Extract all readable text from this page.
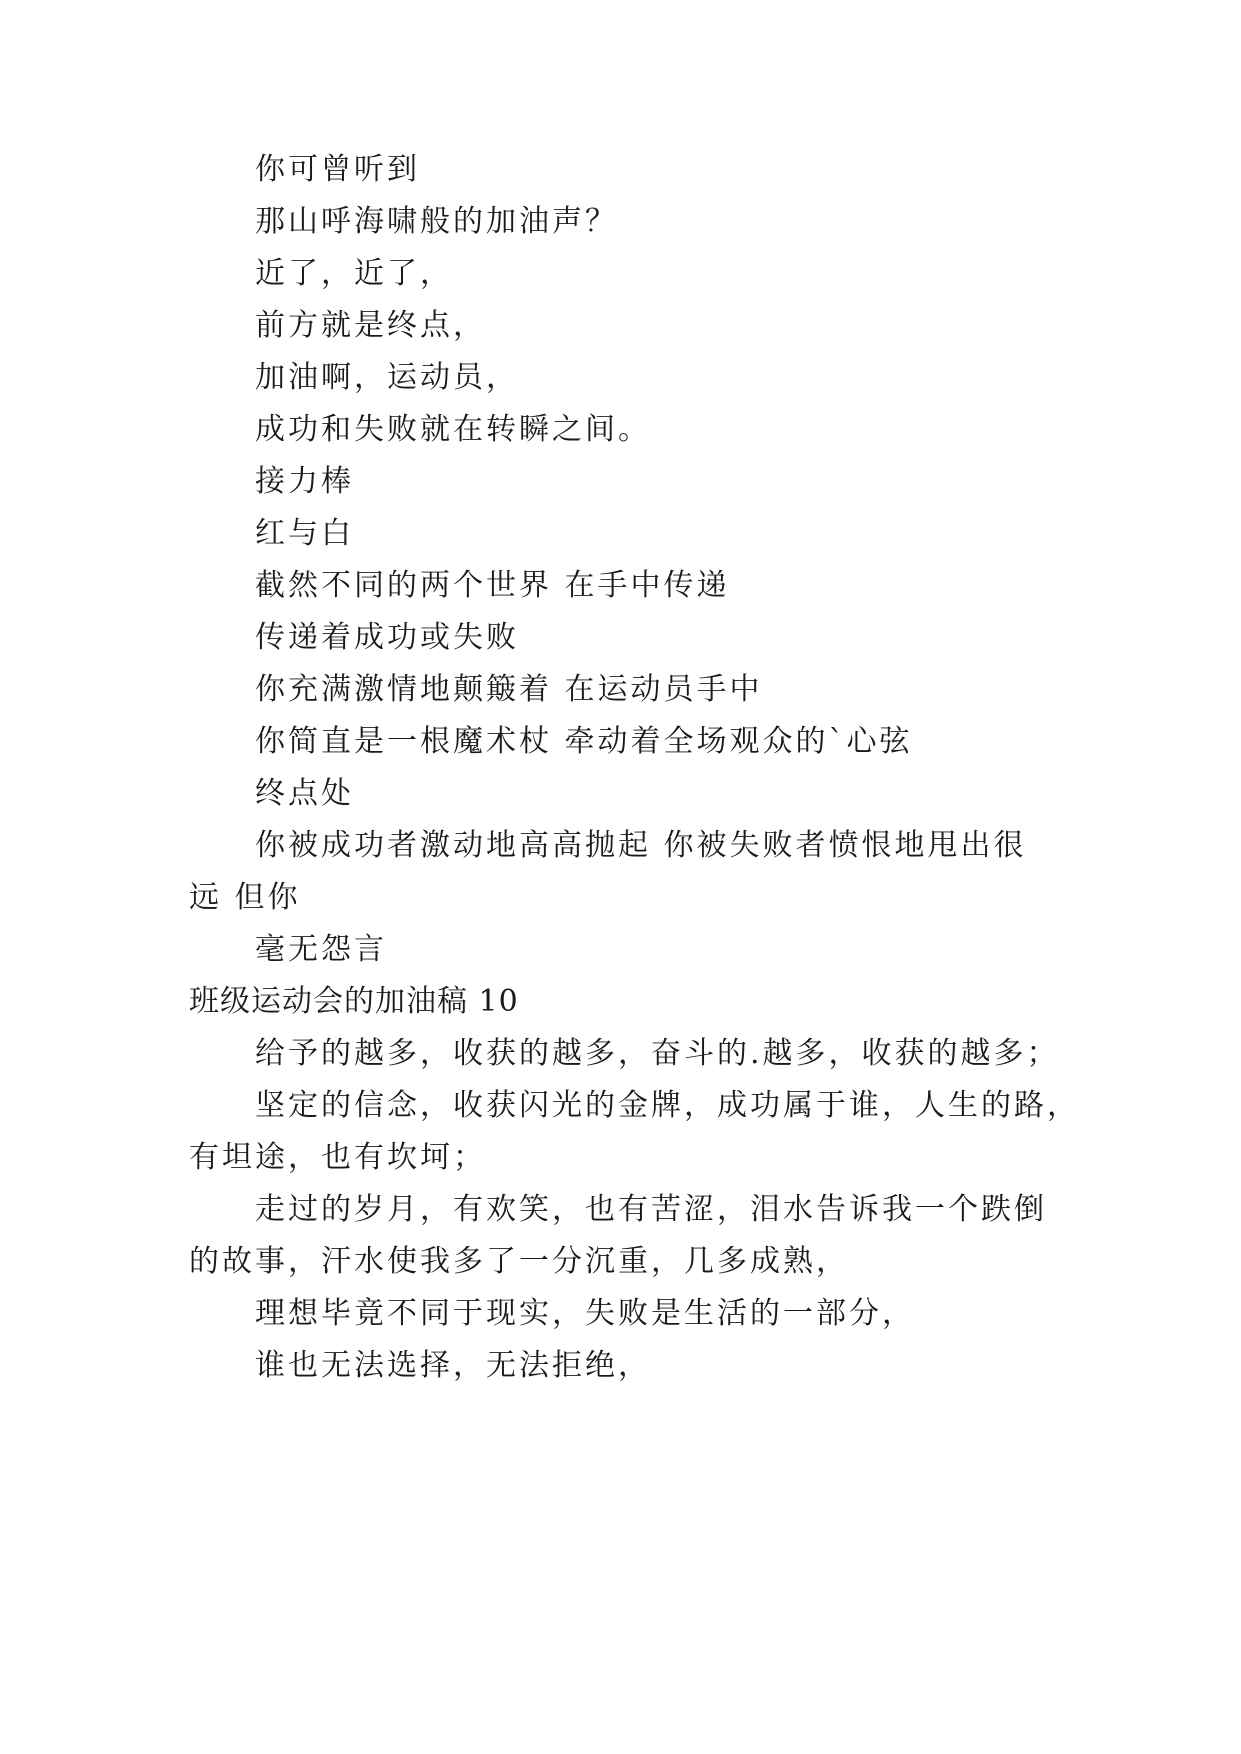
你可曾听到
那山呼海啸般的加油声？
近了，近了，
前方就是终点，
加油啊，运动员，
成功和失败就在转瞬之间。
接力棒
红与白
截然不同的两个世界 在手中传递
传递着成功或失败
你充满激情地颠簸着 在运动员手中
你简直是一根魔术杖 牵动着全场观众的`心弦
终点处
你被成功者激动地高高抛起 你被失败者愤恨地甩出很
远 但你
毫无怨言
班级运动会的加油稿 10
给予的越多，收获的越多，奋斗的.越多，收获的越多；
坚定的信念，收获闪光的金牌，成功属于谁，人生的路，
有坦途，也有坎坷；
走过的岁月，有欢笑，也有苦涩，泪水告诉我一个跌倒
的故事，汗水使我多了一分沉重，几多成熟，
理想毕竟不同于现实，失败是生活的一部分，
谁也无法选择，无法拒绝，
